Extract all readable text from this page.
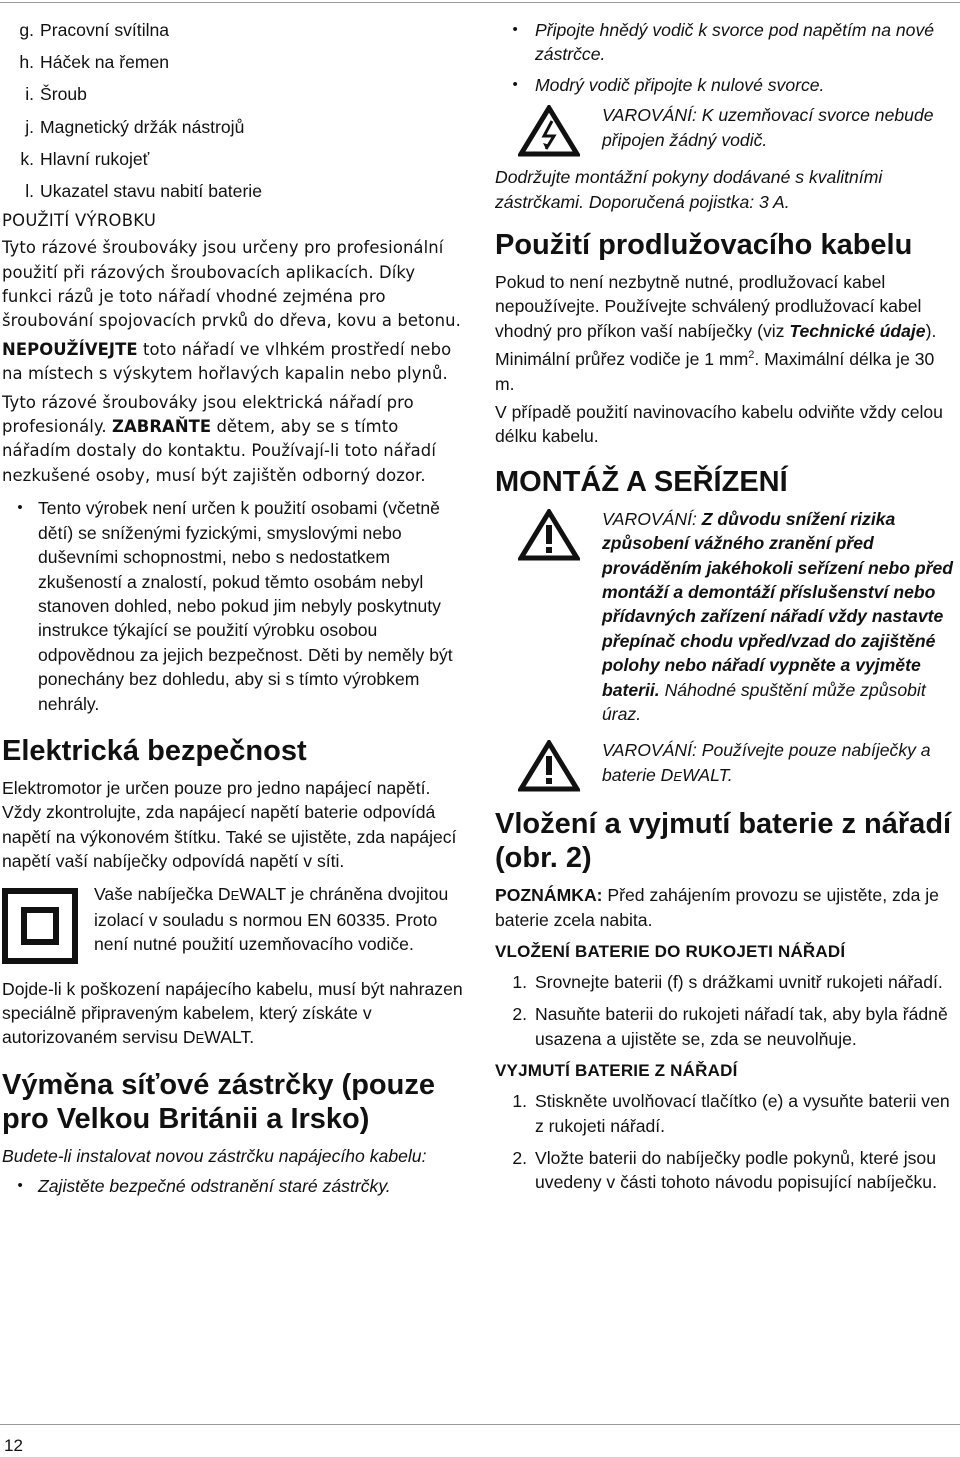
g. Pracovní svítilna
h. Háček na řemen
i. Šroub
j. Magnetický držák nástrojů
k. Hlavní rukojeť
l. Ukazatel stavu nabití baterie
POUŽITÍ VÝROBKU

Tyto rázové šroubováky jsou určeny pro profesionální použití při rázových šroubovacích aplikacích. Díky funkci rázů je toto nářadí vhodné zejména pro šroubování spojovacích prvků do dřeva, kovu a betonu.

NEPOUŽÍVEJTE toto nářadí ve vlhkém prostředí nebo na místech s výskytem hořlavých kapalin nebo plynů.

Tyto rázové šroubováky jsou elektrická nářadí pro profesionály. ZABRAŇTE dětem, aby se s tímto nářadím dostaly do kontaktu. Používají-li toto nářadí nezkušené osoby, musí být zajištěn odborný dozor.

• Tento výrobek není určen k použití osobami (včetně dětí) se sníženými fyzickými, smyslovými nebo duševními schopnostmi, nebo s nedostatkem zkušeností a znalostí, pokud těmto osobám nebyl stanoven dohled, nebo pokud jim nebyly poskytnuty instrukce týkající se použití výrobku osobou odpovědnou za jejich bezpečnost. Děti by neměly být ponechány bez dohledu, aby si s tímto výrobkem nehrály.
Elektrická bezpečnost

Elektromotor je určen pouze pro jedno napájecí napětí. Vždy zkontrolujte, zda napájecí napětí baterie odpovídá napětí na výkonovém štítku. Také se ujistěte, zda napájecí napětí vaší nabíječky odpovídá napětí v síti.

Vaše nabíječka DEWALT je chráněna dvojitou izolací v souladu s normou EN 60335. Proto není nutné použití uzemňovacího vodiče.

Dojde-li k poškození napájecího kabelu, musí být nahrazen speciálně připraveným kabelem, který získáte v autorizovaném servisu DEWALT.

Výměna síťové zástrčky (pouze pro Velkou Británii a Irsko)

Budete-li instalovat novou zástrčku napájecího kabelu:

• Zajistěte bezpečné odstranění staré zástrčky.
• Připojte hnědý vodič k svorce pod napětím na nové zástrčce.
• Modrý vodič připojte k nulové svorce.

VAROVÁNÍ: K uzemňovací svorce nebude připojen žádný vodič.

Dodržujte montážní pokyny dodávané s kvalitními zástrčkami. Doporučená pojistka: 3 A.

Použití prodlužovacího kabelu

Pokud to není nezbytně nutné, prodlužovací kabel nepoužívejte. Používejte schválený prodlužovací kabel vhodný pro příkon vaší nabíječky (viz Technické údaje). Minimální průřez vodiče je 1 $mm^2$. Maximální délka je 30 m.

V případě použití navinovacího kabelu odviňte vždy celou délku kabelu.

MONTÁŽ A SEŘÍZENÍ

VAROVÁNÍ: Z důvodu snížení rizika způsobení vážného zranění před prováděním jakéhokoli seřízení nebo před montáží a demontáží příslušenství nebo přídavných zařízení nářadí vždy nastavte přepínač chodu vpřed/vzad do zajištěné polohy nebo nářadí vypněte a vyjměte baterii. Náhodné spuštění může způsobit úraz.

VAROVÁNÍ: Používejte pouze nabíječky a baterie DEWALT.

Vložení a vyjmutí baterie z nářadí (obr. 2)

POZNÁMKA: Před zahájením provozu se ujistěte, zda je baterie zcela nabita.

VLOŽENÍ BATERIE DO RUKOJETI NÁŘADÍ
1. Srovnejte baterii (f) s drážkami uvnitř rukojeti nářadí.
2. Nasuňte baterii do rukojeti nářadí tak, aby byla řádně usazena a ujistěte se, zda se neuvolňuje.
VYJMUTÍ BATERIE Z NÁŘADÍ
1. Stiskněte uvolňovací tlačítko (e) a vysuňte baterii ven z rukojeti nářadí.
2. Vložte baterii do nabíječky podle pokynů, které jsou uvedeny v části tohoto návodu popisující nabíječku.
12
